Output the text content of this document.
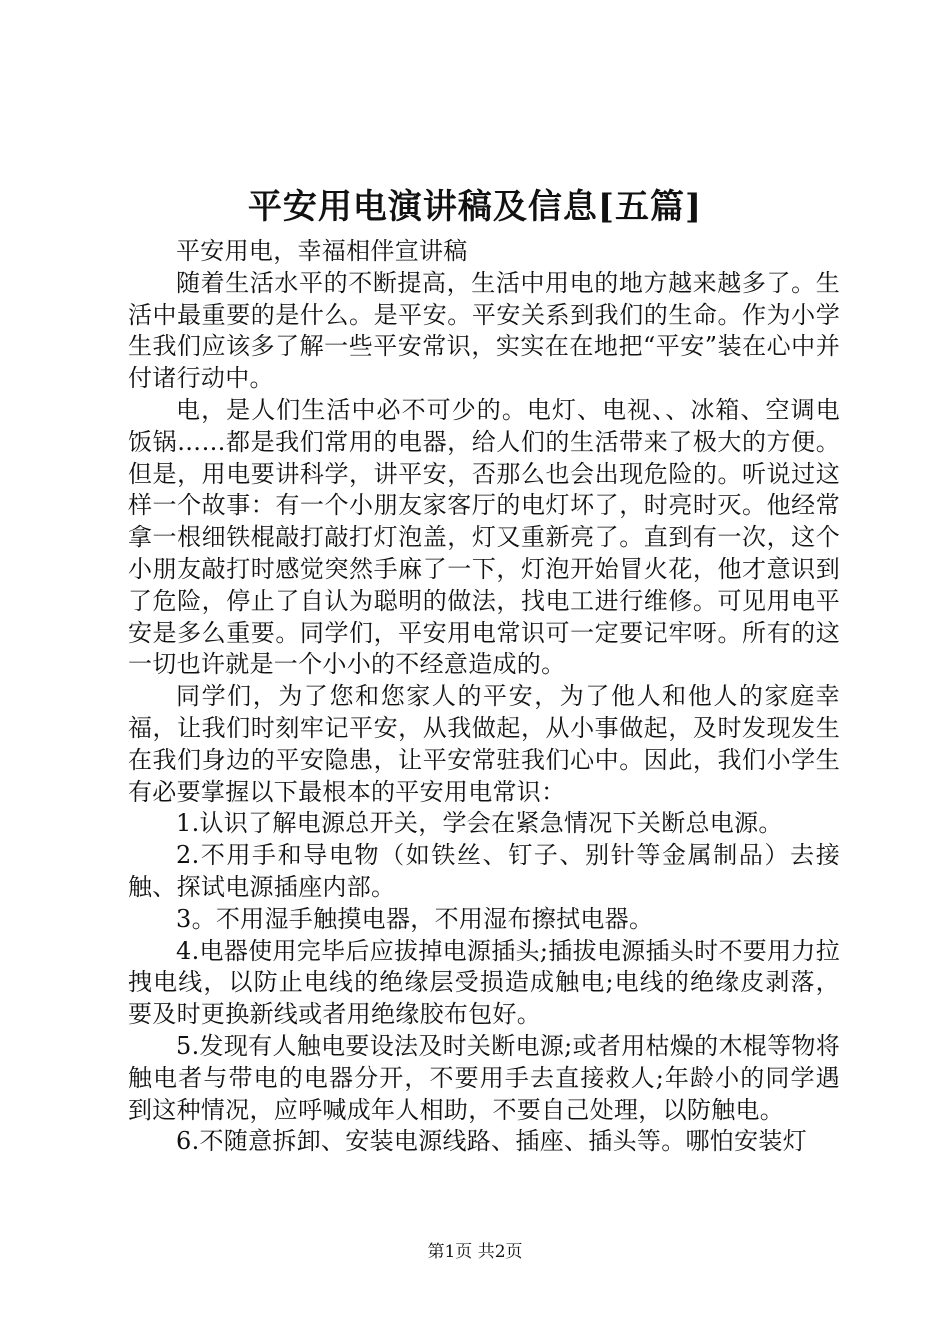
平安用电演讲稿及信息[五篇]

平安用电，幸福相伴宣讲稿

随着生活水平的不断提高，生活中用电的地方越来越多了。生活中最重要的是什么。是平安。平安关系到我们的生命。作为小学生我们应该多了解一些平安常识，实实在在地把“平安”装在心中并付诸行动中。

电，是人们生活中必不可少的。电灯、电视、、冰箱、空调电饭锅……都是我们常用的电器，给人们的生活带来了极大的方便。但是，用电要讲科学，讲平安，否那么也会出现危险的。听说过这样一个故事：有一个小朋友家客厅的电灯坏了，时亮时灭。他经常拿一根细铁棍敲打敲打灯泡盖，灯又重新亮了。直到有一次，这个小朋友敲打时感觉突然手麻了一下，灯泡开始冒火花，他才意识到了危险，停止了自认为聪明的做法，找电工进行维修。可见用电平安是多么重要。同学们，平安用电常识可一定要记牢呀。所有的这一切也许就是一个小小的不经意造成的。

同学们，为了您和您家人的平安，为了他人和他人的家庭幸福，让我们时刻牢记平安，从我做起，从小事做起，及时发现发生在我们身边的平安隐患，让平安常驻我们心中。因此，我们小学生有必要掌握以下最根本的平安用电常识：

1.认识了解电源总开关，学会在紧急情况下关断总电源。

2.不用手和导电物（如铁丝、钉子、别针等金属制品）去接触、探试电源插座内部。

3。不用湿手触摸电器，不用湿布擦拭电器。

4.电器使用完毕后应拔掉电源插头;插拔电源插头时不要用力拉拽电线，以防止电线的绝缘层受损造成触电;电线的绝缘皮剥落，要及时更换新线或者用绝缘胶布包好。

5.发现有人触电要设法及时关断电源;或者用枯燥的木棍等物将触电者与带电的电器分开，不要用手去直接救人;年龄小的同学遇到这种情况，应呼喊成年人相助，不要自己处理，以防触电。

6.不随意拆卸、安装电源线路、插座、插头等。哪怕安装灯

第1页 共2页
